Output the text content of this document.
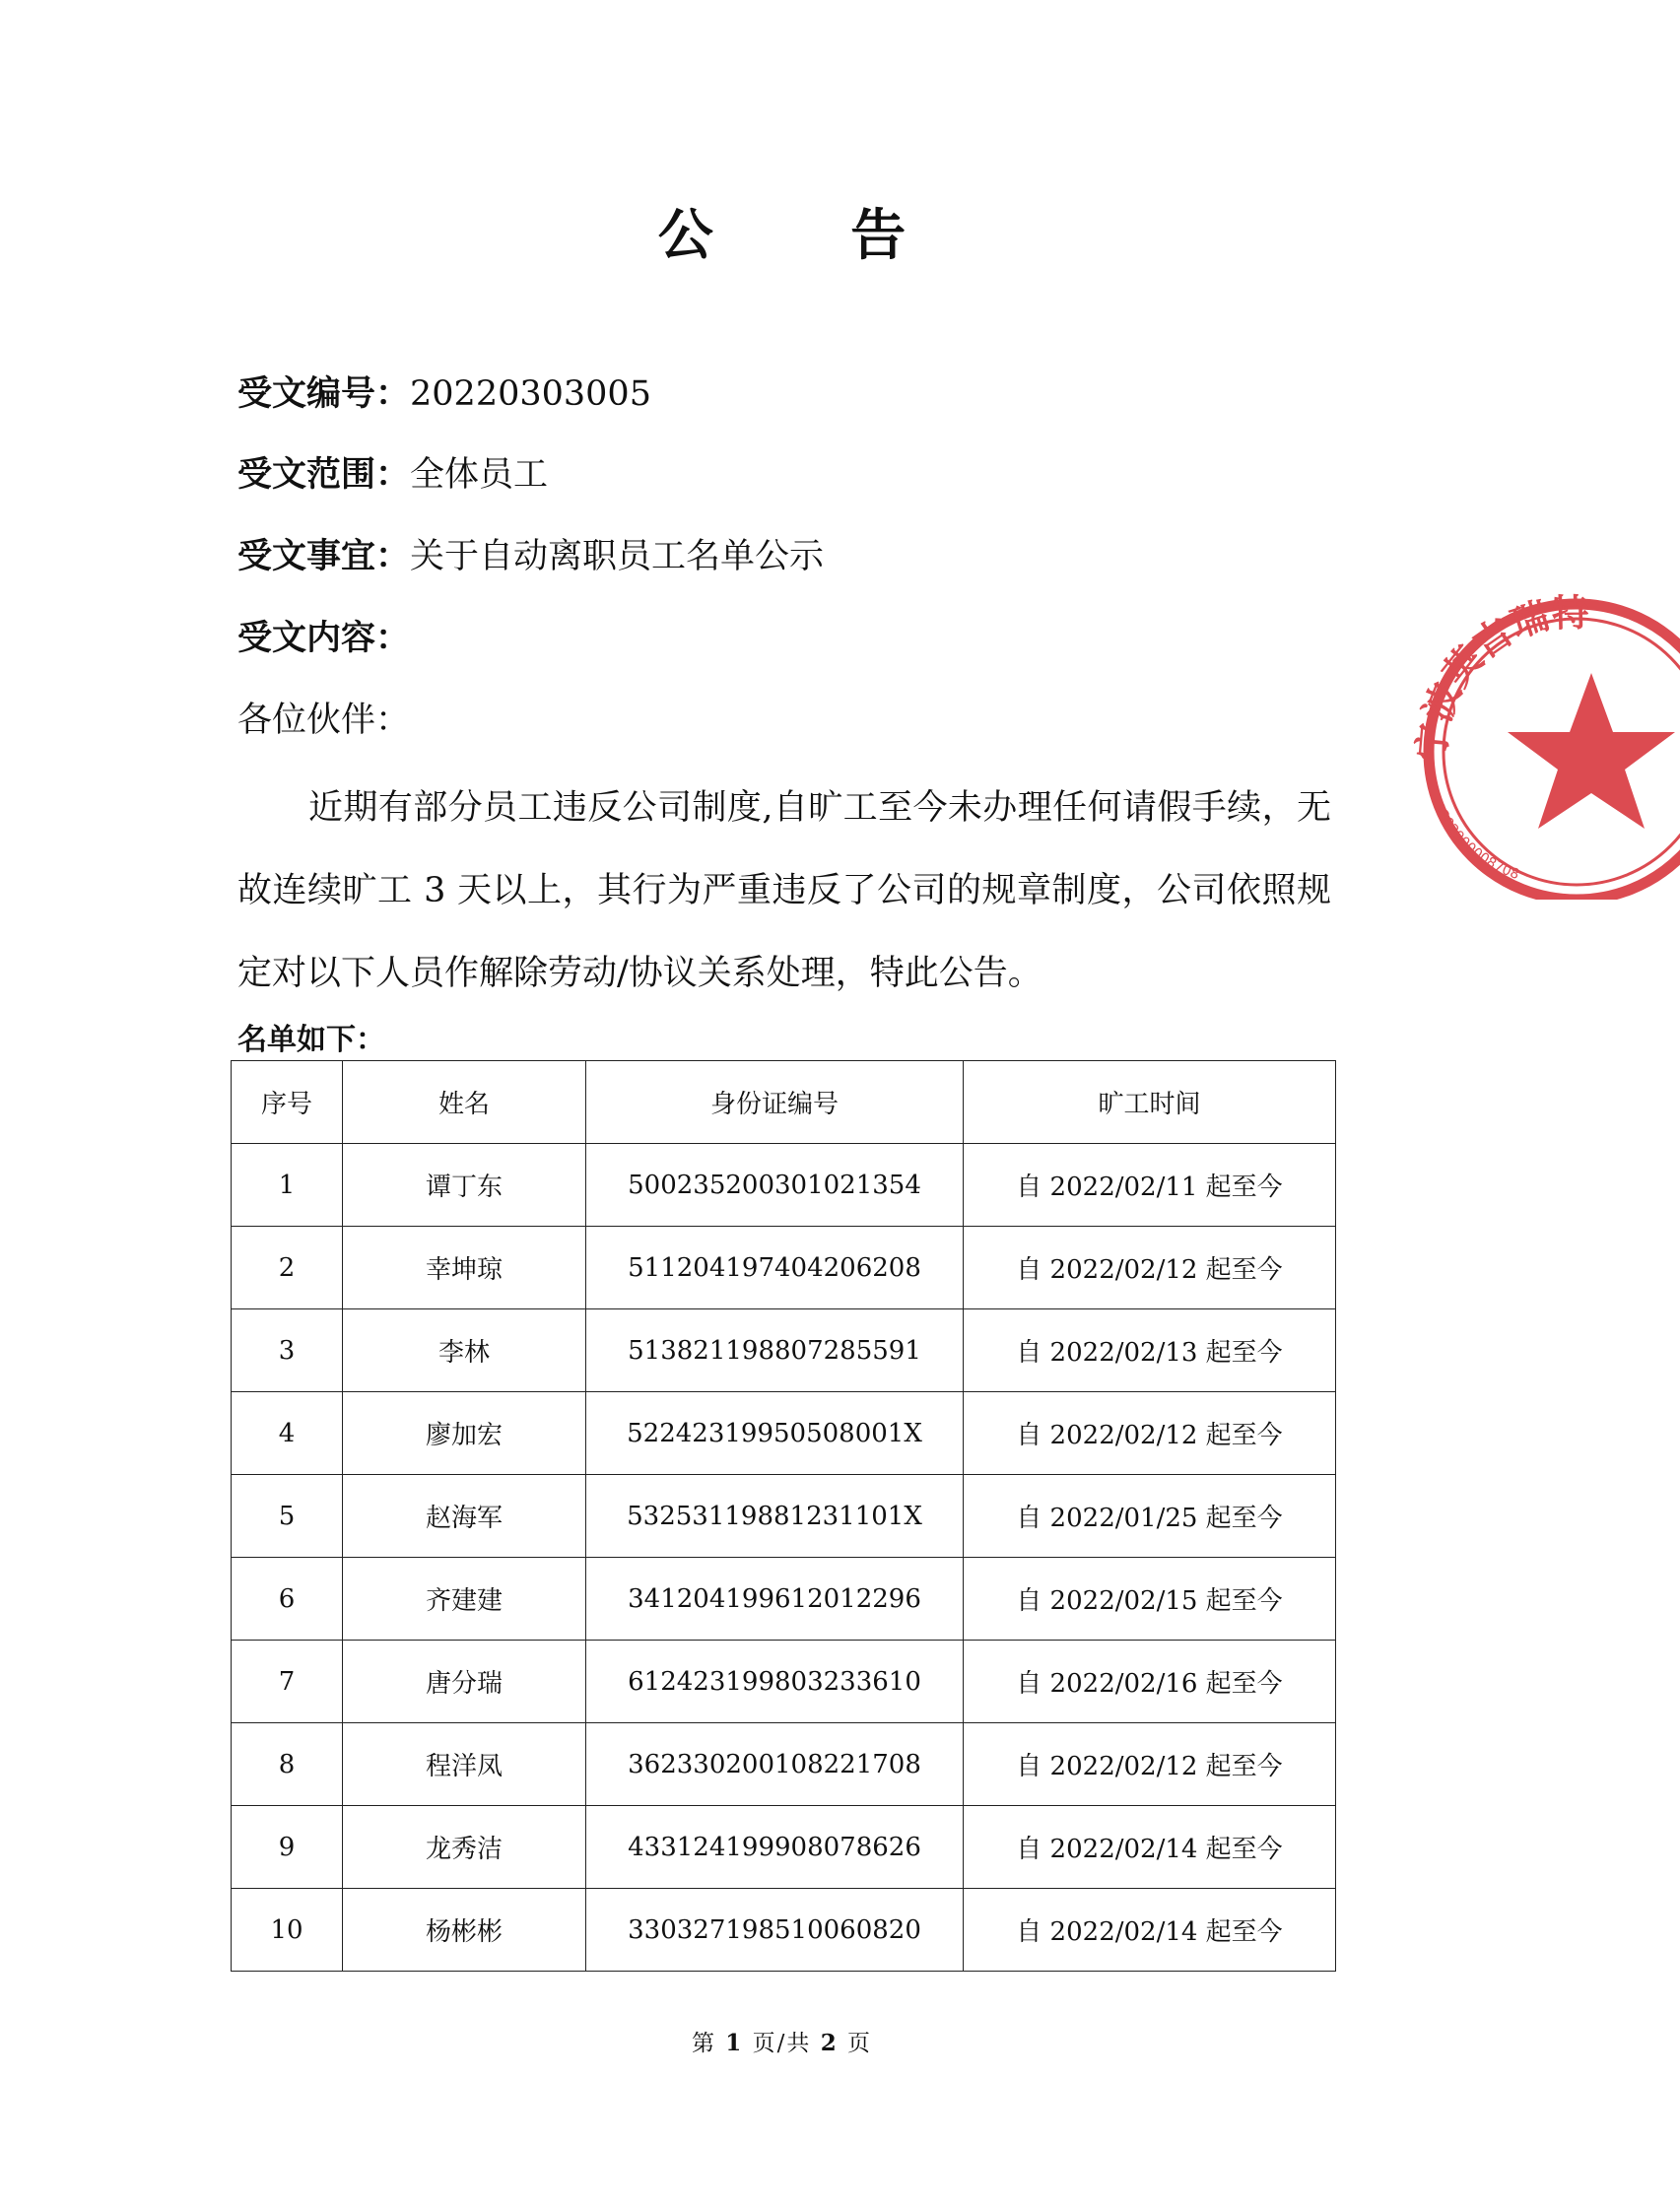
公 告
受文编号：20220303005
受文范围：全体员工
受文事宜：关于自动离职员工名单公示
受文内容：
各位伙伴：
近期有部分员工违反公司制度,自旷工至今未办理任何请假手续，无故连续旷工 3 天以上，其行为严重违反了公司的规章制度，公司依照规定对以下人员作解除劳动/协议关系处理，特此公告。
名单如下：
序号	姓名	身份证编号	旷工时间
1	谭丁东	500235200301021354	自 2022/02/11 起至今
2	幸坤琼	511204197404206208	自 2022/02/12 起至今
3	李林	513821198807285591	自 2022/02/13 起至今
4	廖加宏	52242319950508001X	自 2022/02/12 起至今
5	赵海军	53253119881231101X	自 2022/01/25 起至今
6	齐建建	341204199612012296	自 2022/02/15 起至今
7	唐分瑞	612423199803233610	自 2022/02/16 起至今
8	程洋凤	362330200108221708	自 2022/02/12 起至今
9	龙秀洁	433124199908078626	自 2022/02/14 起至今
10	杨彬彬	330327198510060820	自 2022/02/14 起至今
第 1 页/共 2 页
宁波英吉瑞特
3302900008708
